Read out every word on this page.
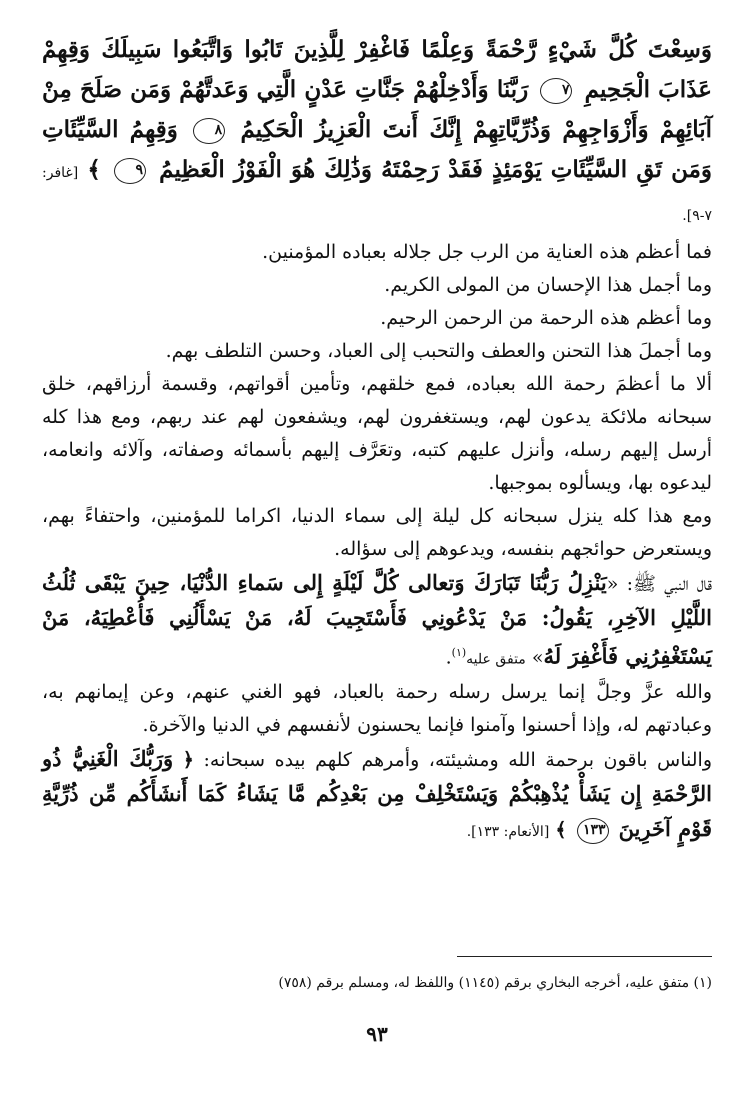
وَسِعْتَ كُلَّ شَيْءٍ رَّحْمَةً وَعِلْمًا فَاغْفِرْ لِلَّذِينَ تَابُوا وَاتَّبَعُوا سَبِيلَكَ وَقِهِمْ عَذَابَ الْجَحِيمِ ٧ رَبَّنَا وَأَدْخِلْهُمْ جَنَّاتِ عَدْنٍ الَّتِي وَعَدتَّهُمْ وَمَن صَلَحَ مِنْ آبَائِهِمْ وَأَزْوَاجِهِمْ وَذُرِّيَّاتِهِمْ إِنَّكَ أَنتَ الْعَزِيزُ الْحَكِيمُ ٨ وَقِهِمُ السَّيِّئَاتِ وَمَن تَقِ السَّيِّئَاتِ يَوْمَئِذٍ فَقَدْ رَحِمْتَهُ وَذَٰلِكَ هُوَ الْفَوْزُ الْعَظِيمُ ٩ ﴾ [غافر: ٧-٩].

فما أعظم هذه العناية من الرب جل جلاله بعباده المؤمنين.

وما أجمل هذا الإحسان من المولى الكريم.

وما أعظم هذه الرحمة من الرحمن الرحيم.

وما أجملَ هذا التحنن والعطف والتحبب إلى العباد، وحسن التلطف بهم.

ألا ما أعظمَ رحمة الله بعباده، فمع خلقهم، وتأمين أقواتهم، وقسمة أرزاقهم، خلق سبحانه ملائكة يدعون لهم، ويستغفرون لهم، ويشفعون لهم عند ربهم، ومع هذا كله أرسل إليهم رسله، وأنزل عليهم كتبه، وتعَرَّف إليهم بأسمائه وصفاته، وآلائه وانعامه، ليدعوه بها، ويسألوه بموجبها.

ومع هذا كله ينزل سبحانه كل ليلة إلى سماء الدنيا، اكراما للمؤمنين، واحتفاءً بهم، ويستعرض حوائجهم بنفسه، ويدعوهم إلى سؤاله.

قال النبي ﷺ: «يَنْزِلُ رَبُّنَا تَبَارَكَ وَتعالى كُلَّ لَيْلَةٍ إِلى سَماءِ الدُّنْيَا، حِينَ يَبْقَى ثُلُثُ اللَّيْلِ الآخِرِ، يَقُولُ: مَنْ يَدْعُونِي فَأَسْتَجِيبَ لَهُ، مَنْ يَسْأَلُنِي فَأُعْطِيَهُ، مَنْ يَسْتَغْفِرُنِي فَأَغْفِرَ لَهُ» متفق عليه$^{(١)}$.

والله عزَّ وجلَّ إنما يرسل رسله رحمة بالعباد، فهو الغني عنهم، وعن إيمانهم به، وعبادتهم له، وإذا أحسنوا وآمنوا فإنما يحسنون لأنفسهم في الدنيا والآخرة.

والناس باقون برحمة الله ومشيئته، وأمرهم كلهم بيده سبحانه: ﴿ وَرَبُّكَ الْغَنِيُّ ذُو الرَّحْمَةِ إِن يَشَأْ يُذْهِبْكُمْ وَيَسْتَخْلِفْ مِن بَعْدِكُم مَّا يَشَاءُ كَمَا أَنشَأَكُم مِّن ذُرِّيَّةِ قَوْمٍ آخَرِينَ ١٣٣ ﴾ [الأنعام: ١٣٣].

(١) متفق عليه، أخرجه البخاري برقم (١١٤٥) واللفظ له، ومسلم برقم (٧٥٨)
٩٣
